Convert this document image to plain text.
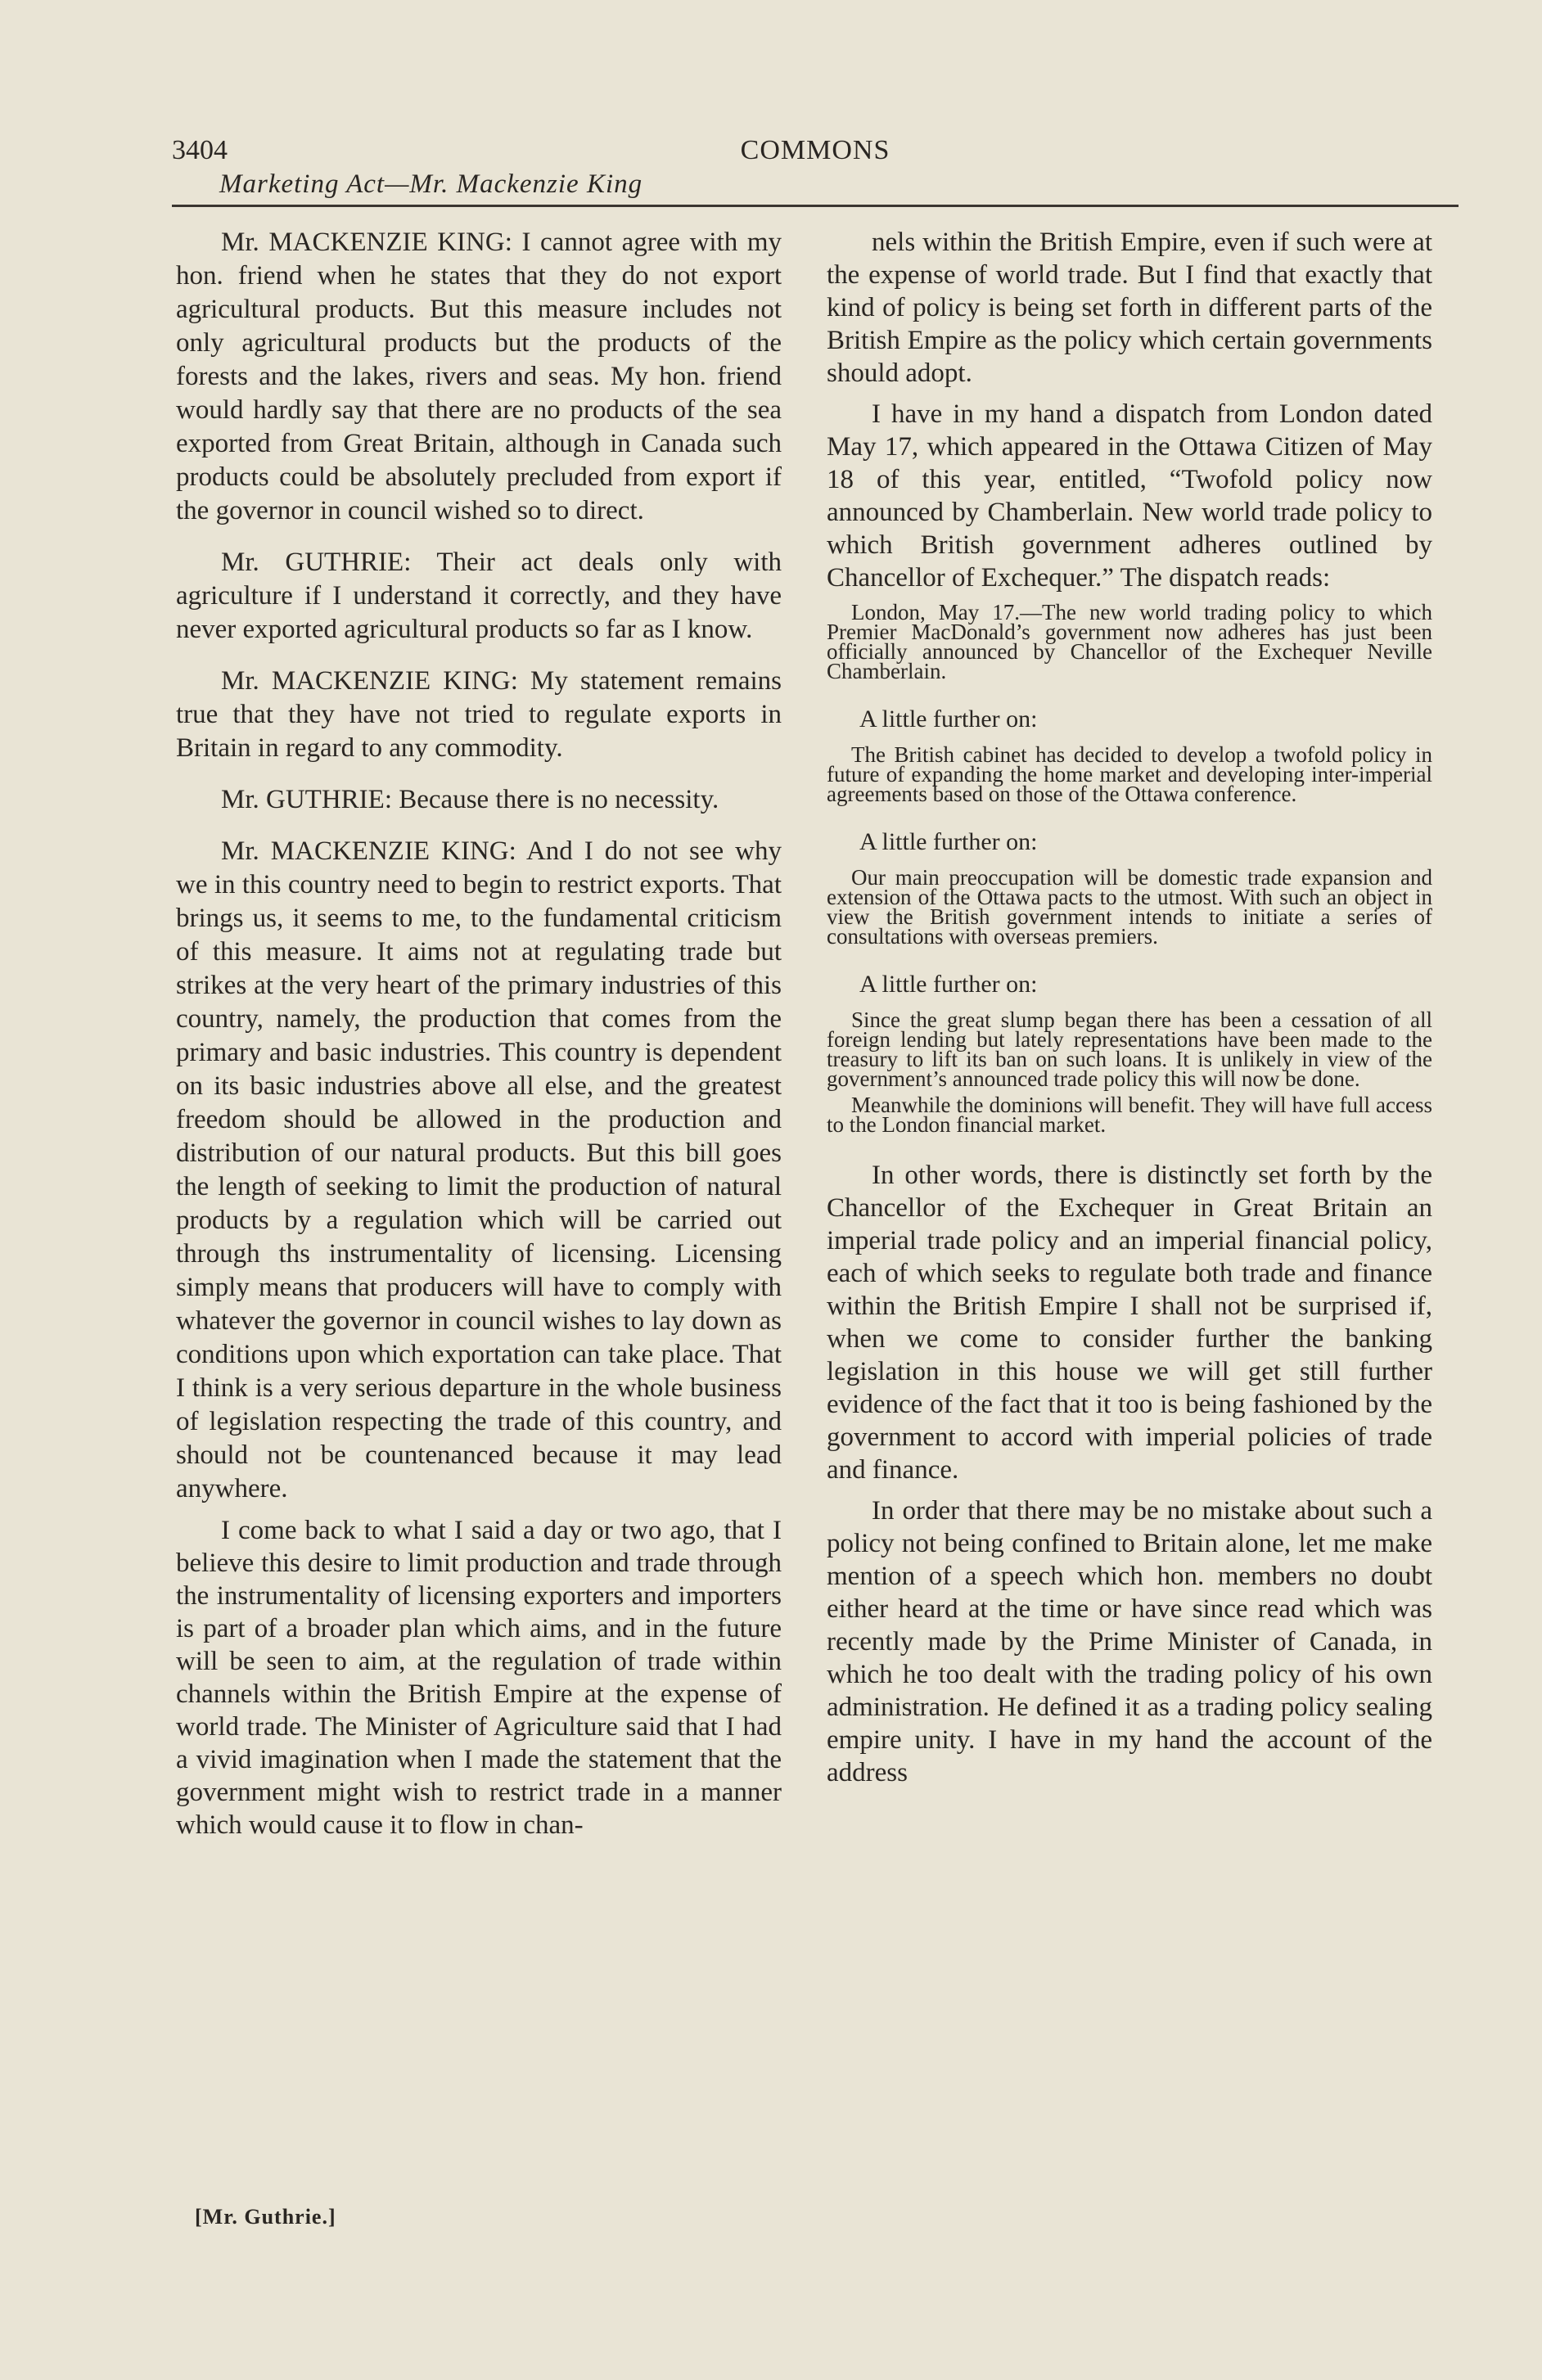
3404	COMMONS
Marketing Act—Mr. Mackenzie King

Mr. MACKENZIE KING: I cannot agree with my hon. friend when he states that they do not export agricultural products. But this measure includes not only agricultural products but the products of the forests and the lakes, rivers and seas. My hon. friend would hardly say that there are no products of the sea exported from Great Britain, although in Canada such products could be absolutely precluded from export if the governor in council wished so to direct.

Mr. GUTHRIE: Their act deals only with agriculture if I understand it correctly, and they have never exported agricultural products so far as I know.

Mr. MACKENZIE KING: My statement remains true that they have not tried to regulate exports in Britain in regard to any commodity.

Mr. GUTHRIE: Because there is no necessity.

Mr. MACKENZIE KING: And I do not see why we in this country need to begin to restrict exports. That brings us, it seems to me, to the fundamental criticism of this measure. It aims not at regulating trade but strikes at the very heart of the primary industries of this country, namely, the production that comes from the primary and basic industries. This country is dependent on its basic industries above all else, and the greatest freedom should be allowed in the production and distribution of our natural products. But this bill goes the length of seeking to limit the production of natural products by a regulation which will be carried out through ths instrumentality of licensing. Licensing simply means that producers will have to comply with whatever the governor in council wishes to lay down as conditions upon which exportation can take place. That I think is a very serious departure in the whole business of legislation respecting the trade of this country, and should not be countenanced because it may lead anywhere.

I come back to what I said a day or two ago, that I believe this desire to limit production and trade through the instrumentality of licensing exporters and importers is part of a broader plan which aims, and in the future will be seen to aim, at the regulation of trade within channels within the British Empire at the expense of world trade. The Minister of Agriculture said that I had a vivid imagination when I made the statement that the government might wish to restrict trade in a manner which would cause it to flow in chan-

nels within the British Empire, even if such were at the expense of world trade. But I find that exactly that kind of policy is being set forth in different parts of the British Empire as the policy which certain governments should adopt.

I have in my hand a dispatch from London dated May 17, which appeared in the Ottawa Citizen of May 18 of this year, entitled, “Twofold policy now announced by Chamberlain. New world trade policy to which British government adheres outlined by Chancellor of Exchequer.” The dispatch reads:

London, May 17.—The new world trading policy to which Premier MacDonald’s government now adheres has just been officially announced by Chancellor of the Exchequer Neville Chamberlain.

A little further on:

The British cabinet has decided to develop a twofold policy in future of expanding the home market and developing inter-imperial agreements based on those of the Ottawa conference.

A little further on:

Our main preoccupation will be domestic trade expansion and extension of the Ottawa pacts to the utmost. With such an object in view the British government intends to initiate a series of consultations with overseas premiers.

A little further on:

Since the great slump began there has been a cessation of all foreign lending but lately representations have been made to the treasury to lift its ban on such loans. It is unlikely in view of the government’s announced trade policy this will now be done.

Meanwhile the dominions will benefit. They will have full access to the London financial market.

In other words, there is distinctly set forth by the Chancellor of the Exchequer in Great Britain an imperial trade policy and an imperial financial policy, each of which seeks to regulate both trade and finance within the British Empire I shall not be surprised if, when we come to consider further the banking legislation in this house we will get still further evidence of the fact that it too is being fashioned by the government to accord with imperial policies of trade and finance.

In order that there may be no mistake about such a policy not being confined to Britain alone, let me make mention of a speech which hon. members no doubt either heard at the time or have since read which was recently made by the Prime Minister of Canada, in which he too dealt with the trading policy of his own administration. He defined it as a trading policy sealing empire unity. I have in my hand the account of the address

[Mr. Guthrie.]
